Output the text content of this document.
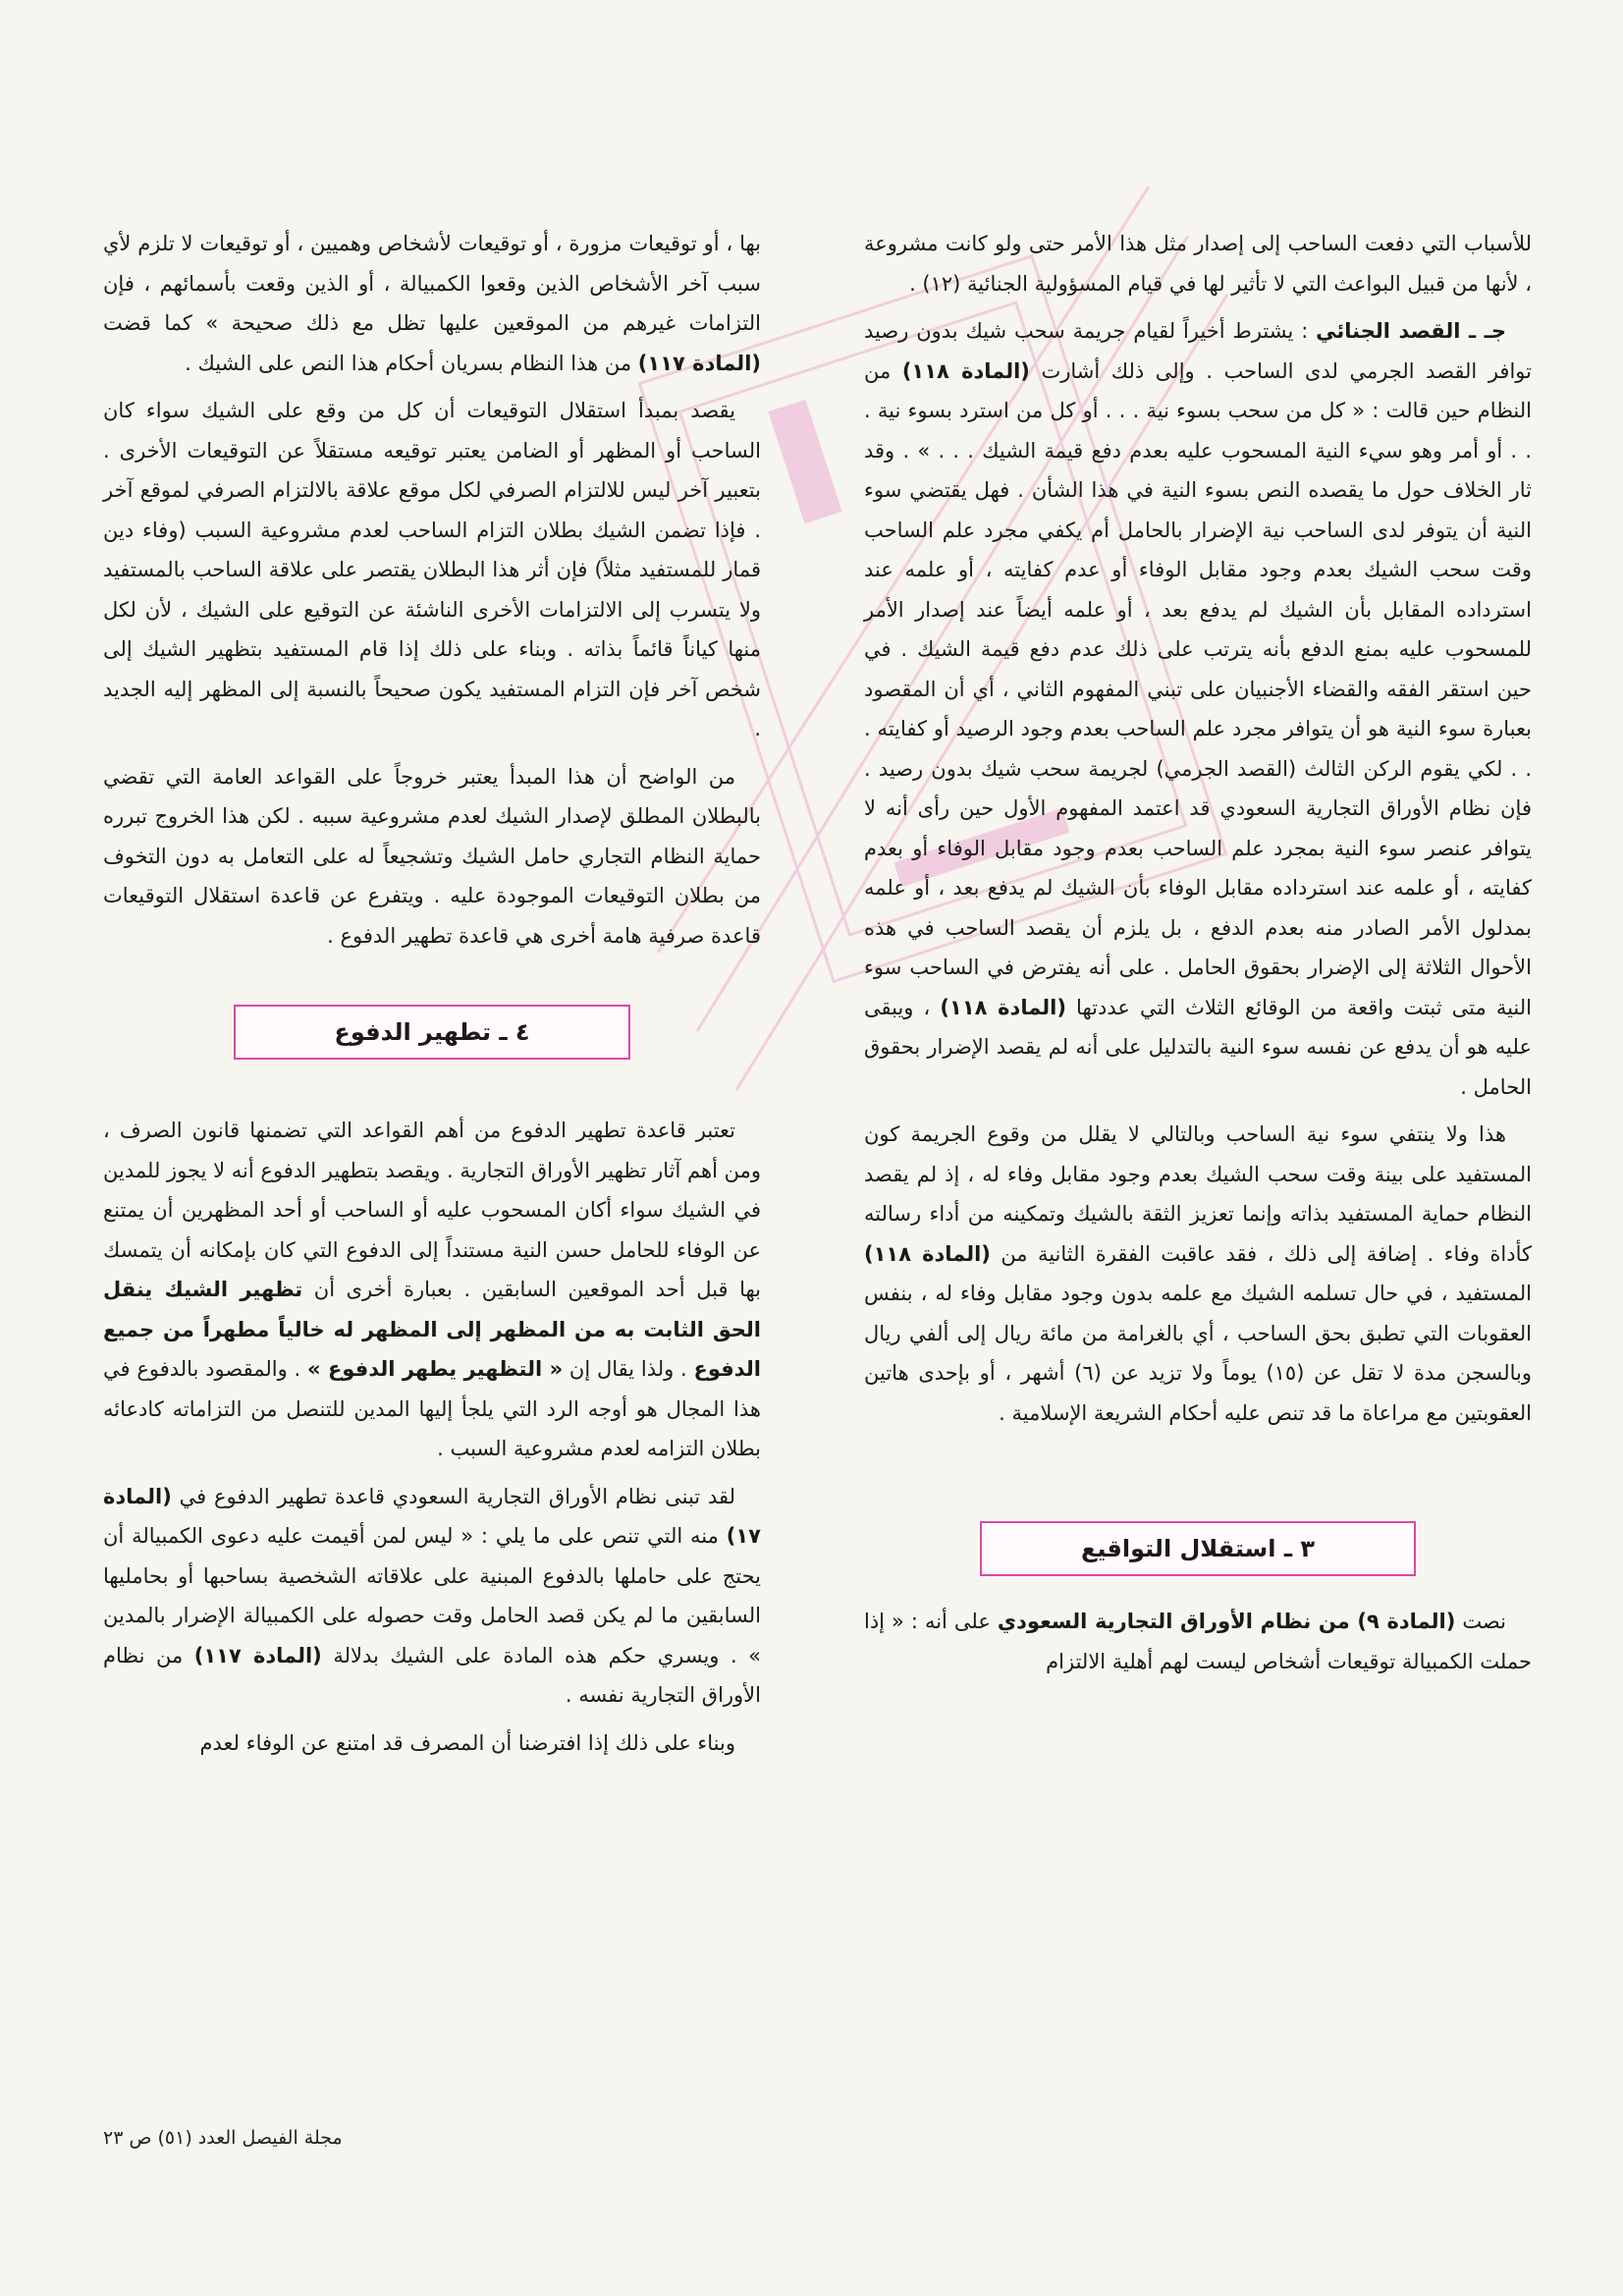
للأسباب التي دفعت الساحب إلى إصدار مثل هذا الأمر حتى ولو كانت مشروعة ، لأنها من قبيل البواعث التي لا تأثير لها في قيام المسؤولية الجنائية (١٢) .

جـ ـ القصد الجنائي : يشترط أخيراً لقيام جريمة سحب شيك بدون رصيد توافر القصد الجرمي لدى الساحب . وإلى ذلك أشارت (المادة ١١٨) من النظام حين قالت : « كل من سحب بسوء نية . . . أو كل من استرد بسوء نية . . . أو أمر وهو سيء النية المسحوب عليه بعدم دفع قيمة الشيك . . . » . وقد ثار الخلاف حول ما يقصده النص بسوء النية في هذا الشأن . فهل يقتضي سوء النية أن يتوفر لدى الساحب نية الإضرار بالحامل أم يكفي مجرد علم الساحب وقت سحب الشيك بعدم وجود مقابل الوفاء أو عدم كفايته ، أو علمه عند استرداده المقابل بأن الشيك لم يدفع بعد ، أو علمه أيضاً عند إصدار الأمر للمسحوب عليه بمنع الدفع بأنه يترتب على ذلك عدم دفع قيمة الشيك . في حين استقر الفقه والقضاء الأجنبيان على تبني المفهوم الثاني ، أي أن المقصود بعبارة سوء النية هو أن يتوافر مجرد علم الساحب بعدم وجود الرصيد أو كفايته . . . لكي يقوم الركن الثالث (القصد الجرمي) لجريمة سحب شيك بدون رصيد . فإن نظام الأوراق التجارية السعودي قد اعتمد المفهوم الأول حين رأى أنه لا يتوافر عنصر سوء النية بمجرد علم الساحب بعدم وجود مقابل الوفاء أو بعدم كفايته ، أو علمه عند استرداده مقابل الوفاء بأن الشيك لم يدفع بعد ، أو علمه بمدلول الأمر الصادر منه بعدم الدفع ، بل يلزم أن يقصد الساحب في هذه الأحوال الثلاثة إلى الإضرار بحقوق الحامل . على أنه يفترض في الساحب سوء النية متى ثبتت واقعة من الوقائع الثلاث التي عددتها (المادة ١١٨) ، ويبقى عليه هو أن يدفع عن نفسه سوء النية بالتدليل على أنه لم يقصد الإضرار بحقوق الحامل .

هذا ولا ينتفي سوء نية الساحب وبالتالي لا يقلل من وقوع الجريمة كون المستفيد على بينة وقت سحب الشيك بعدم وجود مقابل وفاء له ، إذ لم يقصد النظام حماية المستفيد بذاته وإنما تعزيز الثقة بالشيك وتمكينه من أداء رسالته كأداة وفاء . إضافة إلى ذلك ، فقد عاقبت الفقرة الثانية من (المادة ١١٨) المستفيد ، في حال تسلمه الشيك مع علمه بدون وجود مقابل وفاء له ، بنفس العقوبات التي تطبق بحق الساحب ، أي بالغرامة من مائة ريال إلى ألفي ريال وبالسجن مدة لا تقل عن (١٥) يوماً ولا تزيد عن (٦) أشهر ، أو بإحدى هاتين العقوبتين مع مراعاة ما قد تنص عليه أحكام الشريعة الإسلامية .

٣ ـ استقلال التواقيع

نصت (المادة ٩) من نظام الأوراق التجارية السعودي على أنه : « إذا حملت الكمبيالة توقيعات أشخاص ليست لهم أهلية الالتزام

بها ، أو توقيعات مزورة ، أو توقيعات لأشخاص وهميين ، أو توقيعات لا تلزم لأي سبب آخر الأشخاص الذين وقعوا الكمبيالة ، أو الذين وقعت بأسمائهم ، فإن التزامات غيرهم من الموقعين عليها تظل مع ذلك صحيحة » كما قضت (المادة ١١٧) من هذا النظام بسريان أحكام هذا النص على الشيك .

يقصد بمبدأ استقلال التوقيعات أن كل من وقع على الشيك سواء كان الساحب أو المظهر أو الضامن يعتبر توقيعه مستقلاً عن التوقيعات الأخرى . بتعبير آخر ليس للالتزام الصرفي لكل موقع علاقة بالالتزام الصرفي لموقع آخر . فإذا تضمن الشيك بطلان التزام الساحب لعدم مشروعية السبب (وفاء دين قمار للمستفيد مثلاً) فإن أثر هذا البطلان يقتصر على علاقة الساحب بالمستفيد ولا يتسرب إلى الالتزامات الأخرى الناشئة عن التوقيع على الشيك ، لأن لكل منها كياناً قائماً بذاته . وبناء على ذلك إذا قام المستفيد بتظهير الشيك إلى شخص آخر فإن التزام المستفيد يكون صحيحاً بالنسبة إلى المظهر إليه الجديد .

من الواضح أن هذا المبدأ يعتبر خروجاً على القواعد العامة التي تقضي بالبطلان المطلق لإصدار الشيك لعدم مشروعية سببه . لكن هذا الخروج تبرره حماية النظام التجاري حامل الشيك وتشجيعاً له على التعامل به دون التخوف من بطلان التوقيعات الموجودة عليه . ويتفرع عن قاعدة استقلال التوقيعات قاعدة صرفية هامة أخرى هي قاعدة تطهير الدفوع .

٤ ـ تطهير الدفوع

تعتبر قاعدة تطهير الدفوع من أهم القواعد التي تضمنها قانون الصرف ، ومن أهم آثار تظهير الأوراق التجارية . ويقصد بتطهير الدفوع أنه لا يجوز للمدين في الشيك سواء أكان المسحوب عليه أو الساحب أو أحد المظهرين أن يمتنع عن الوفاء للحامل حسن النية مستنداً إلى الدفوع التي كان بإمكانه أن يتمسك بها قبل أحد الموقعين السابقين . بعبارة أخرى أن تظهير الشيك ينقل الحق الثابت به من المظهر إلى المظهر له خالياً مطهراً من جميع الدفوع . ولذا يقال إن « التظهير يطهر الدفوع » . والمقصود بالدفوع في هذا المجال هو أوجه الرد التي يلجأ إليها المدين للتنصل من التزاماته كادعائه بطلان التزامه لعدم مشروعية السبب .

لقد تبنى نظام الأوراق التجارية السعودي قاعدة تطهير الدفوع في (المادة ١٧) منه التي تنص على ما يلي : « ليس لمن أقيمت عليه دعوى الكمبيالة أن يحتج على حاملها بالدفوع المبنية على علاقاته الشخصية بساحبها أو بحامليها السابقين ما لم يكن قصد الحامل وقت حصوله على الكمبيالة الإضرار بالمدين » . ويسري حكم هذه المادة على الشيك بدلالة (المادة ١١٧) من نظام الأوراق التجارية نفسه .

وبناء على ذلك إذا افترضنا أن المصرف قد امتنع عن الوفاء لعدم

مجلة الفيصل العدد (٥١) ص ٢٣
